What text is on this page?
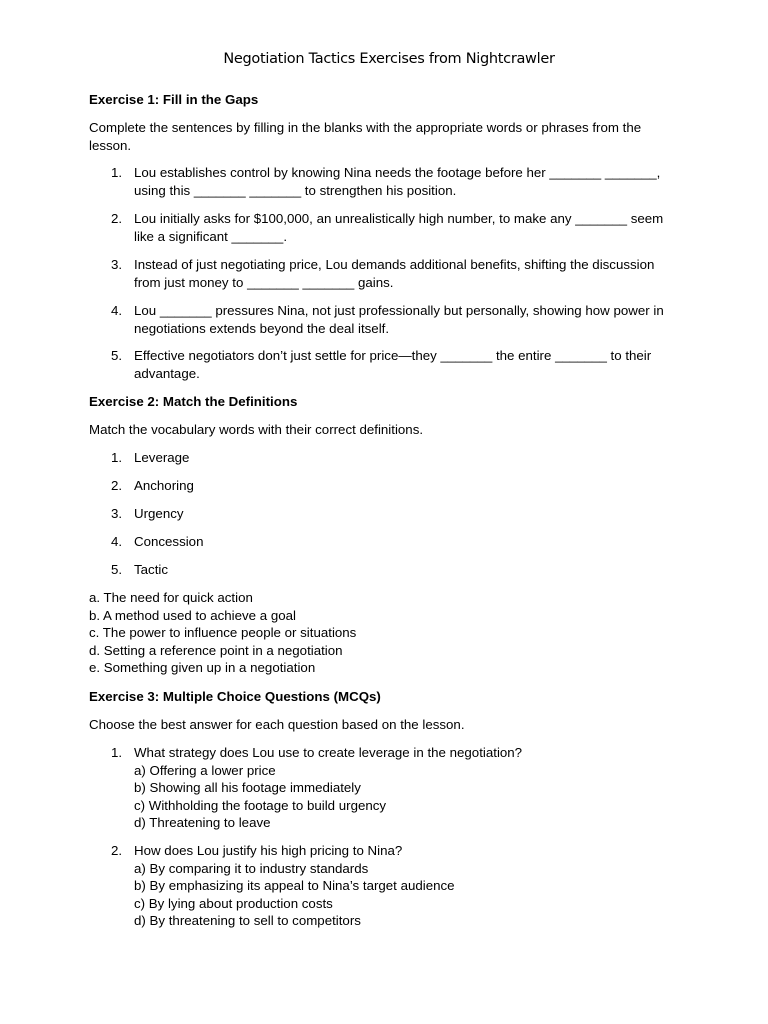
Negotiation Tactics Exercises from Nightcrawler
Exercise 1: Fill in the Gaps
Complete the sentences by filling in the blanks with the appropriate words or phrases from the lesson.
1. Lou establishes control by knowing Nina needs the footage before her _______ _______, using this _______ _______ to strengthen his position.
2. Lou initially asks for $100,000, an unrealistically high number, to make any _______ seem like a significant _______.
3. Instead of just negotiating price, Lou demands additional benefits, shifting the discussion from just money to _______ _______ gains.
4. Lou _______ pressures Nina, not just professionally but personally, showing how power in negotiations extends beyond the deal itself.
5. Effective negotiators don’t just settle for price—they _______ the entire _______ to their advantage.
Exercise 2: Match the Definitions
Match the vocabulary words with their correct definitions.
1. Leverage
2. Anchoring
3. Urgency
4. Concession
5. Tactic
a. The need for quick action
b. A method used to achieve a goal
c. The power to influence people or situations
d. Setting a reference point in a negotiation
e. Something given up in a negotiation
Exercise 3: Multiple Choice Questions (MCQs)
Choose the best answer for each question based on the lesson.
1. What strategy does Lou use to create leverage in the negotiation?
a) Offering a lower price
b) Showing all his footage immediately
c) Withholding the footage to build urgency
d) Threatening to leave
2. How does Lou justify his high pricing to Nina?
a) By comparing it to industry standards
b) By emphasizing its appeal to Nina’s target audience
c) By lying about production costs
d) By threatening to sell to competitors
